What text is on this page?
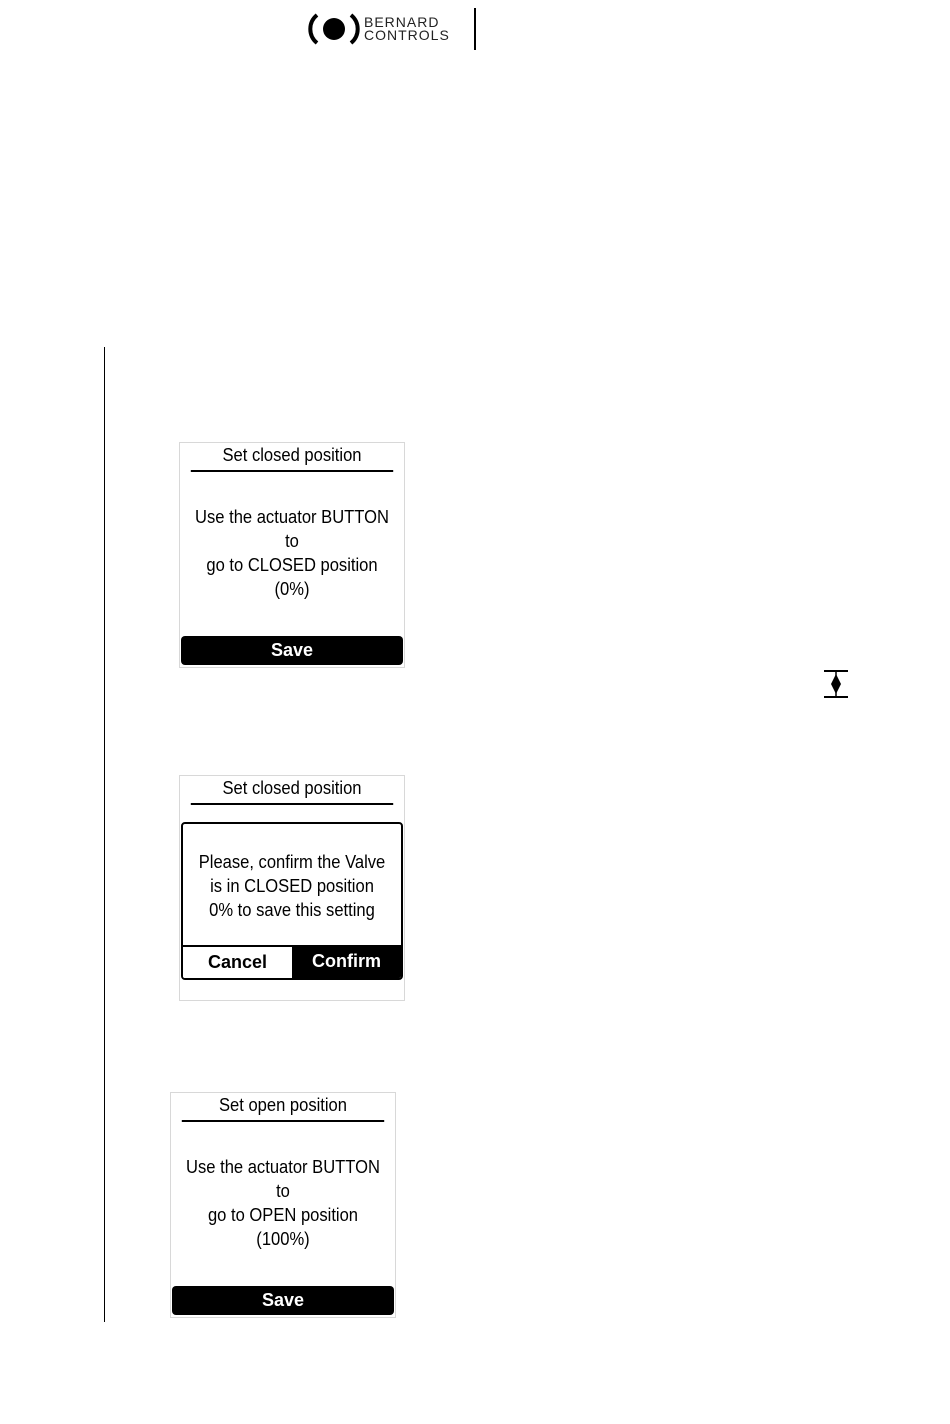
BERNARD
CONTROLS
Set closed position
Use the actuator BUTTON to
go to CLOSED position (0%)
Save
Set closed position
Please, confirm the Valve
is in CLOSED position
0% to save this setting
Cancel	Confirm
Set open position
Use the actuator BUTTON to
go to OPEN position (100%)
Save
